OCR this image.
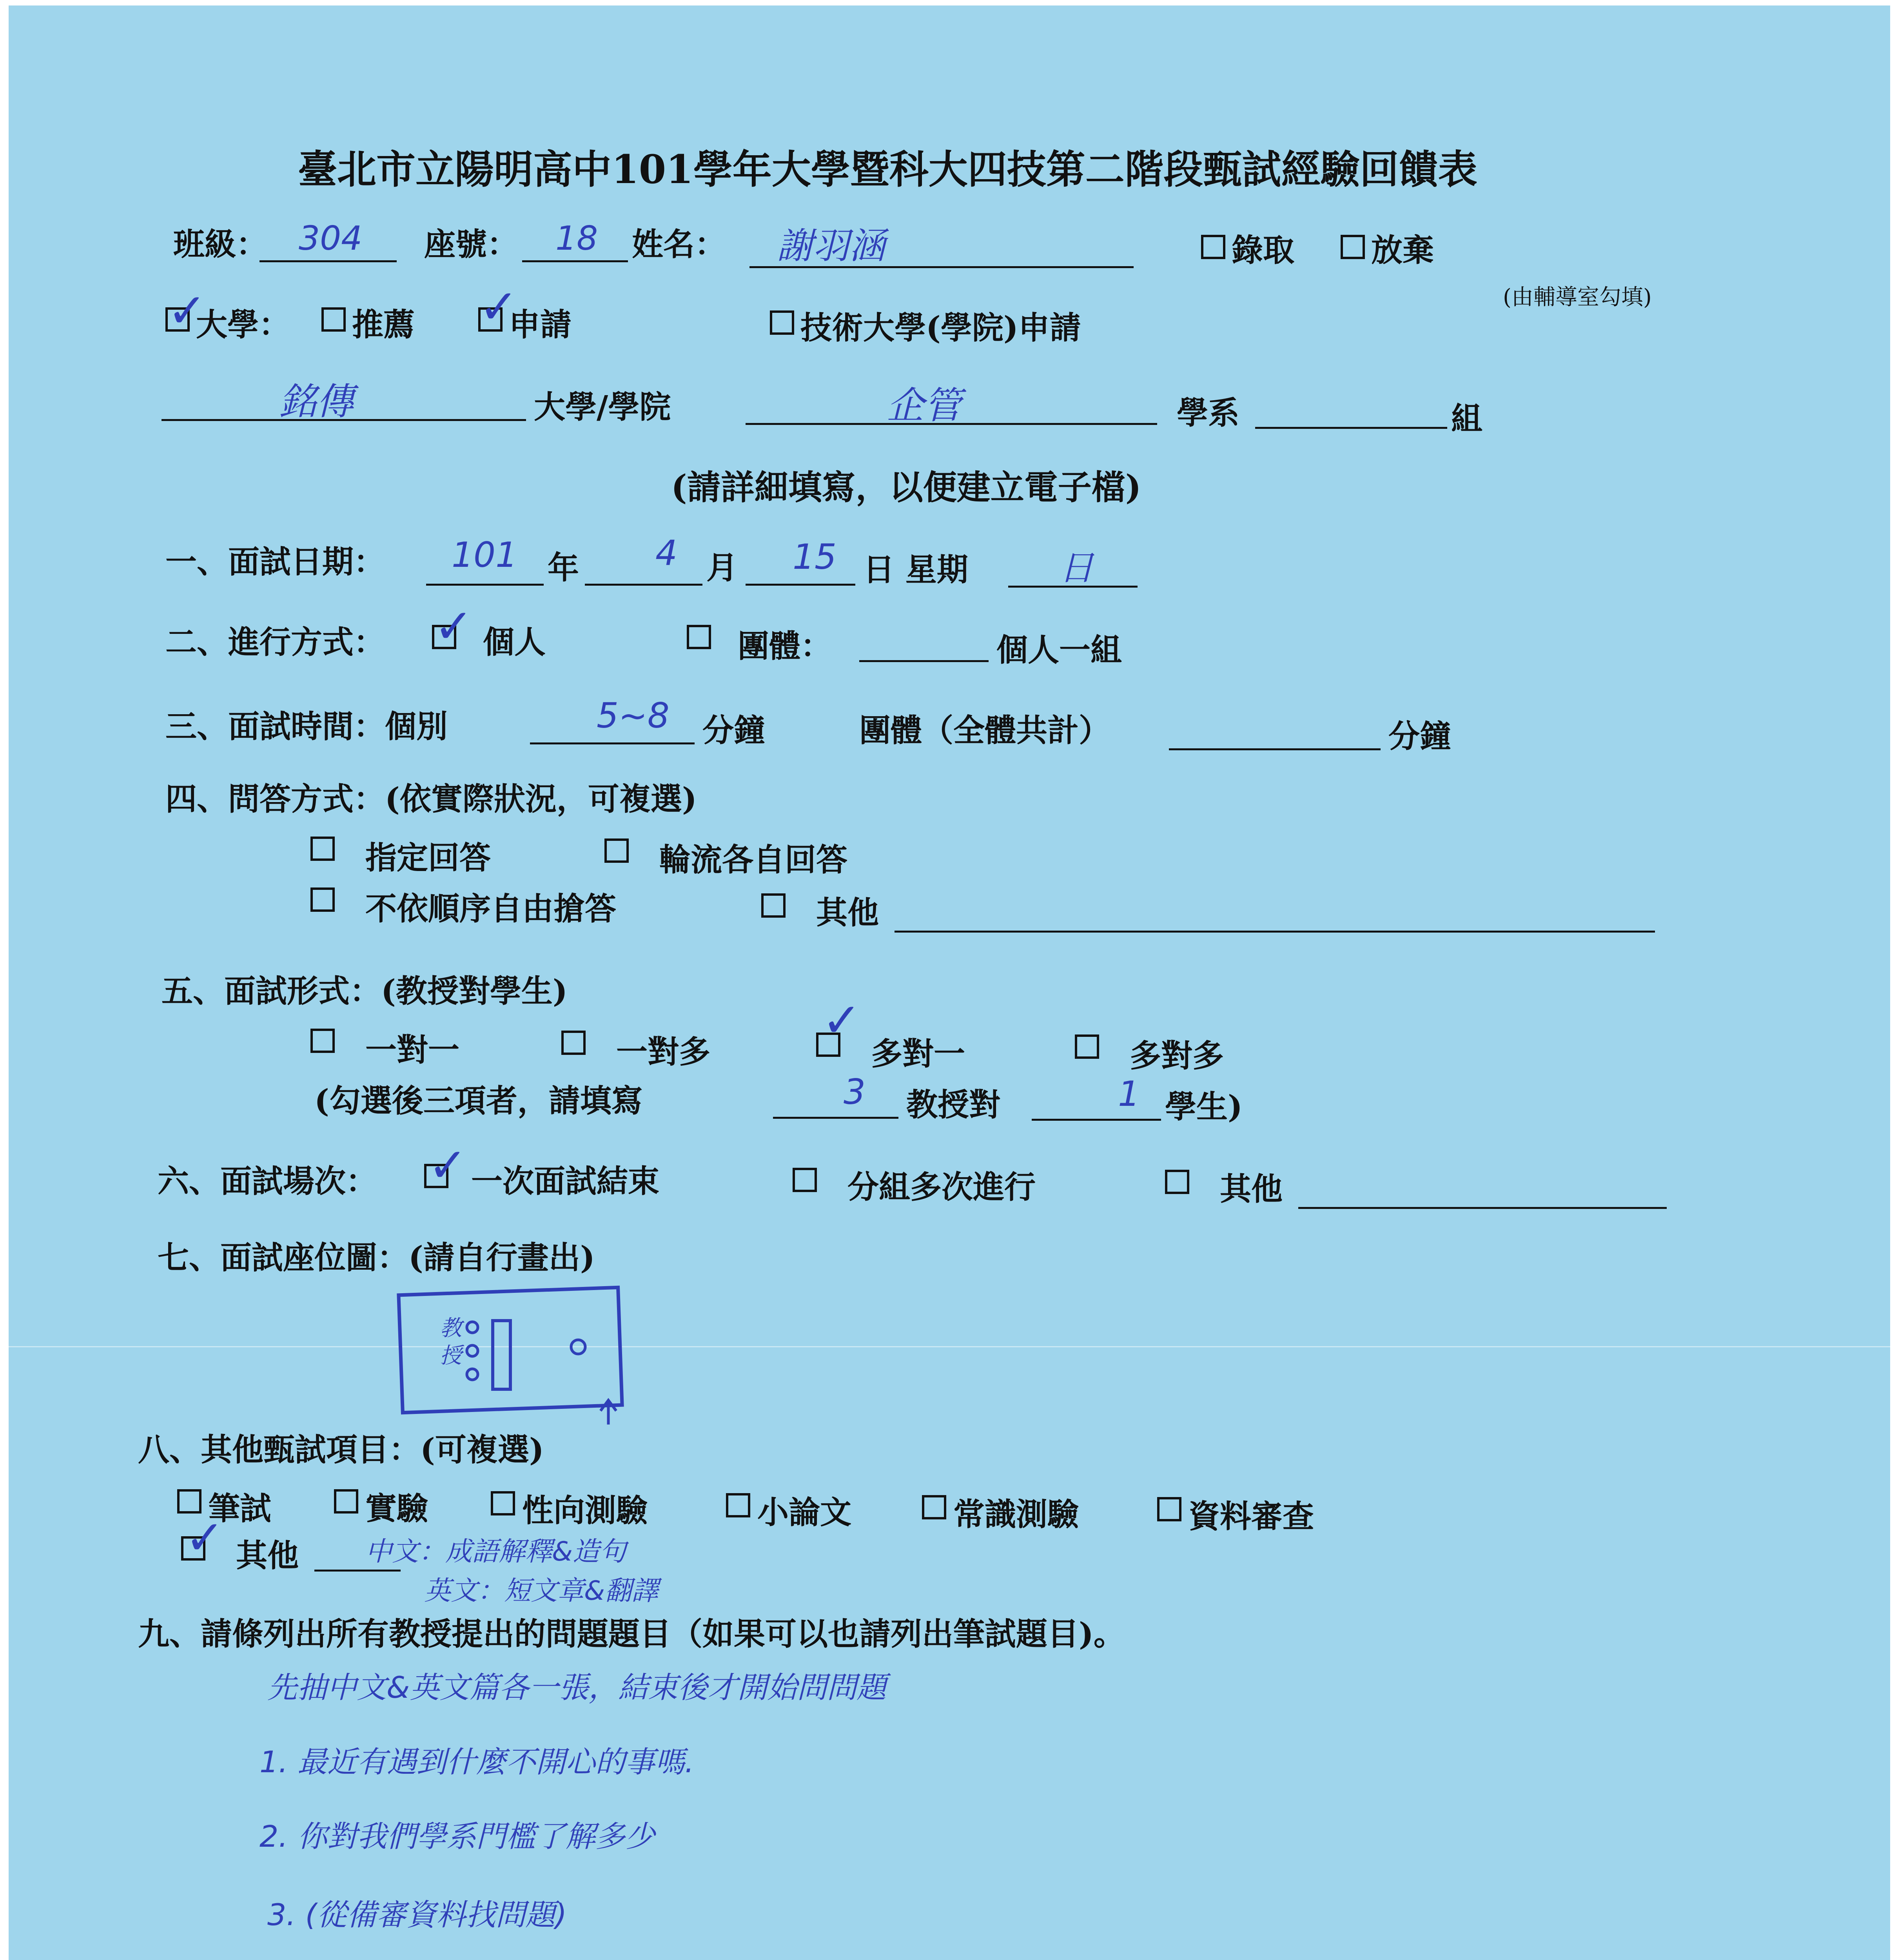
臺北市立陽明高中101學年大學暨科大四技第二階段甄試經驗回饋表
班級： 304 座號： 18 姓名： 謝羽涵	錄取 放棄
(由輔導室勾填)
✓
大學： 推薦 ✓
申請	技術大學(學院)申請
銘傳	大學/學院	企管	學系	組
(請詳細填寫，以便建立電子檔)
一、面試日期： 101 年 4 月 15 日 星期	日
二、進行方式： ✓ 個人	團體：	個人一組
三、面試時間：個別	5~8 分鐘	團體（全體共計）	分鐘
四、問答方式：(依實際狀況，可複選)
指定回答	輪流各自回答
不依順序自由搶答	其他
五、面試形式：(教授對學生)
一對一	一對多
✓
多對一	多對多
(勾選後三項者，請填寫	3 教授對	1 學生)
六、面試場次： ✓ 一次面試結束	分組多次進行	其他
七、面試座位圖：(請自行畫出)
教授
八、其他甄試項目：(可複選)
筆試	實驗	性向測驗	小論文	常識測驗	資料審查
✓ 其他	中文：成語解釋&造句
英文：短文章&翻譯
九、請條列出所有教授提出的問題題目（如果可以也請列出筆試題目)。
先抽中文&英文篇各一張，結束後才開始問問題
1. 最近有遇到什麼不開心的事嗎.
2. 你對我們學系門檻了解多少
3. (從備審資料找問題)
